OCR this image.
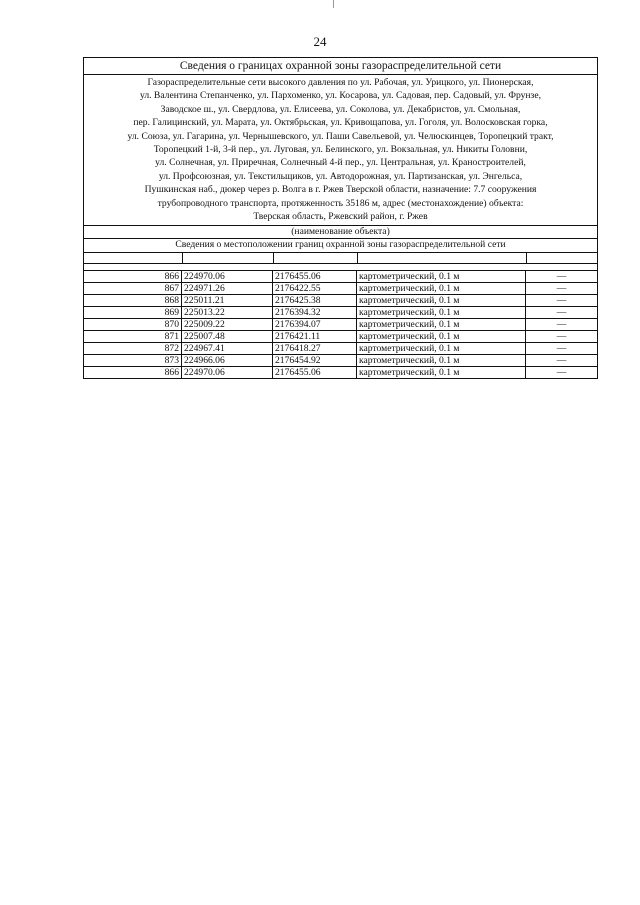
24
Сведения о границах охранной зоны газораспределительной сети
Газораспределительные сети высокого давления по ул. Рабочая, ул. Урицкого, ул. Пионерская,
ул. Валентина Степанченко, ул. Пархоменко, ул. Косарова, ул. Садовая, пер. Садовый, ул. Фрунзе,
Заводское ш., ул. Свердлова, ул. Елисеева, ул. Соколова, ул. Декабристов, ул. Смольная,
пер. Галицинский, ул. Марата, ул. Октябрьская, ул. Кривощапова, ул. Гоголя, ул. Волосковская горка,
ул. Союза, ул. Гагарина, ул. Чернышевского, ул. Паши Савельевой, ул. Челюскинцев, Торопецкий тракт,
Торопецкий 1-й, 3-й пер., ул. Луговая, ул. Белинского, ул. Вокзальная, ул. Никиты Головни,
ул. Солнечная, ул. Приречная, Солнечный 4-й пер., ул. Центральная, ул. Краностроителей,
ул. Профсоюзная, ул. Текстильщиков, ул. Автодорожная, ул. Партизанская, ул. Энгельса,
Пушкинская наб., дюкер через р. Волга в г. Ржев Тверской области, назначение: 7.7 сооружения
трубопроводного транспорта, протяженность 35186 м, адрес (местонахождение) объекта:
Тверская область, Ржевский район, г. Ржев
(наименование объекта)
Сведения о местоположении границ охранной зоны газораспределительной сети

866	224970.06	2176455.06	картометрический, 0.1 м	—
867	224971.26	2176422.55	картометрический, 0.1 м	—
868	225011.21	2176425.38	картометрический, 0.1 м	—
869	225013.22	2176394.32	картометрический, 0.1 м	—
870	225009.22	2176394.07	картометрический, 0.1 м	—
871	225007.48	2176421.11	картометрический, 0.1 м	—
872	224967.41	2176418.27	картометрический, 0.1 м	—
873	224966.06	2176454.92	картометрический, 0.1 м	—
866	224970.06	2176455.06	картометрический, 0.1 м	—
